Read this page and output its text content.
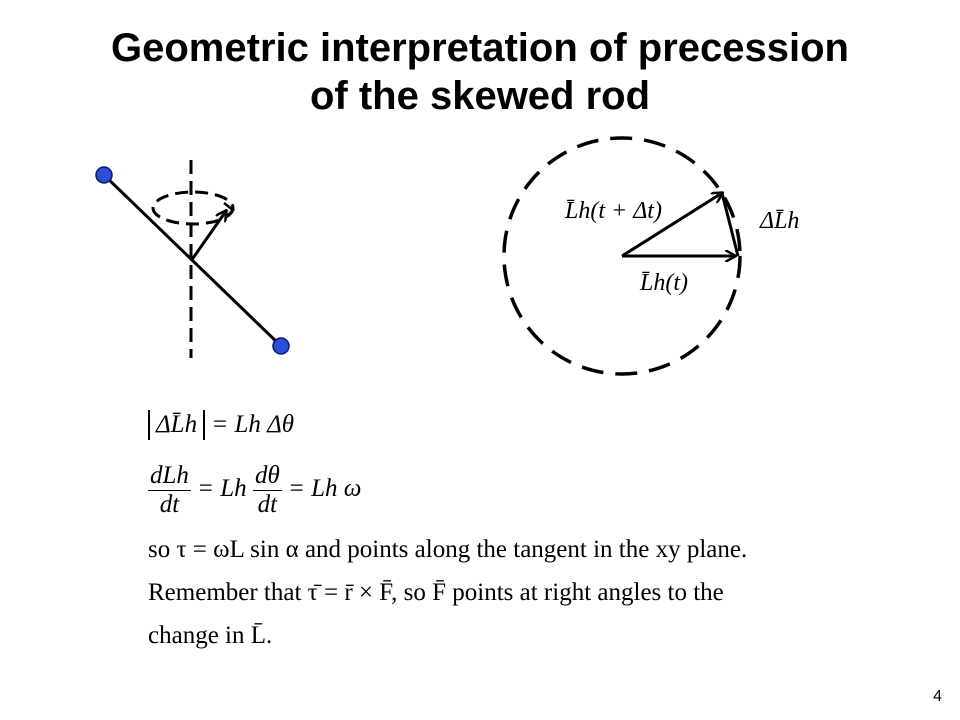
Geometric interpretation of precession
of the skewed rod
L̄h(t + Δt)
L̄h(t)
ΔL̄h
ΔL̄h = Lh Δθ
$\frac{\text{dLh}}{dt} = Lh \frac{d\theta}{dt} = Lh$ ω
so τ = ωL sin α and points along the tangent in the xy plane.
Remember that τ̄ = r̄ × F̄, so F̄ points at right angles to the
change in L̄.
4
